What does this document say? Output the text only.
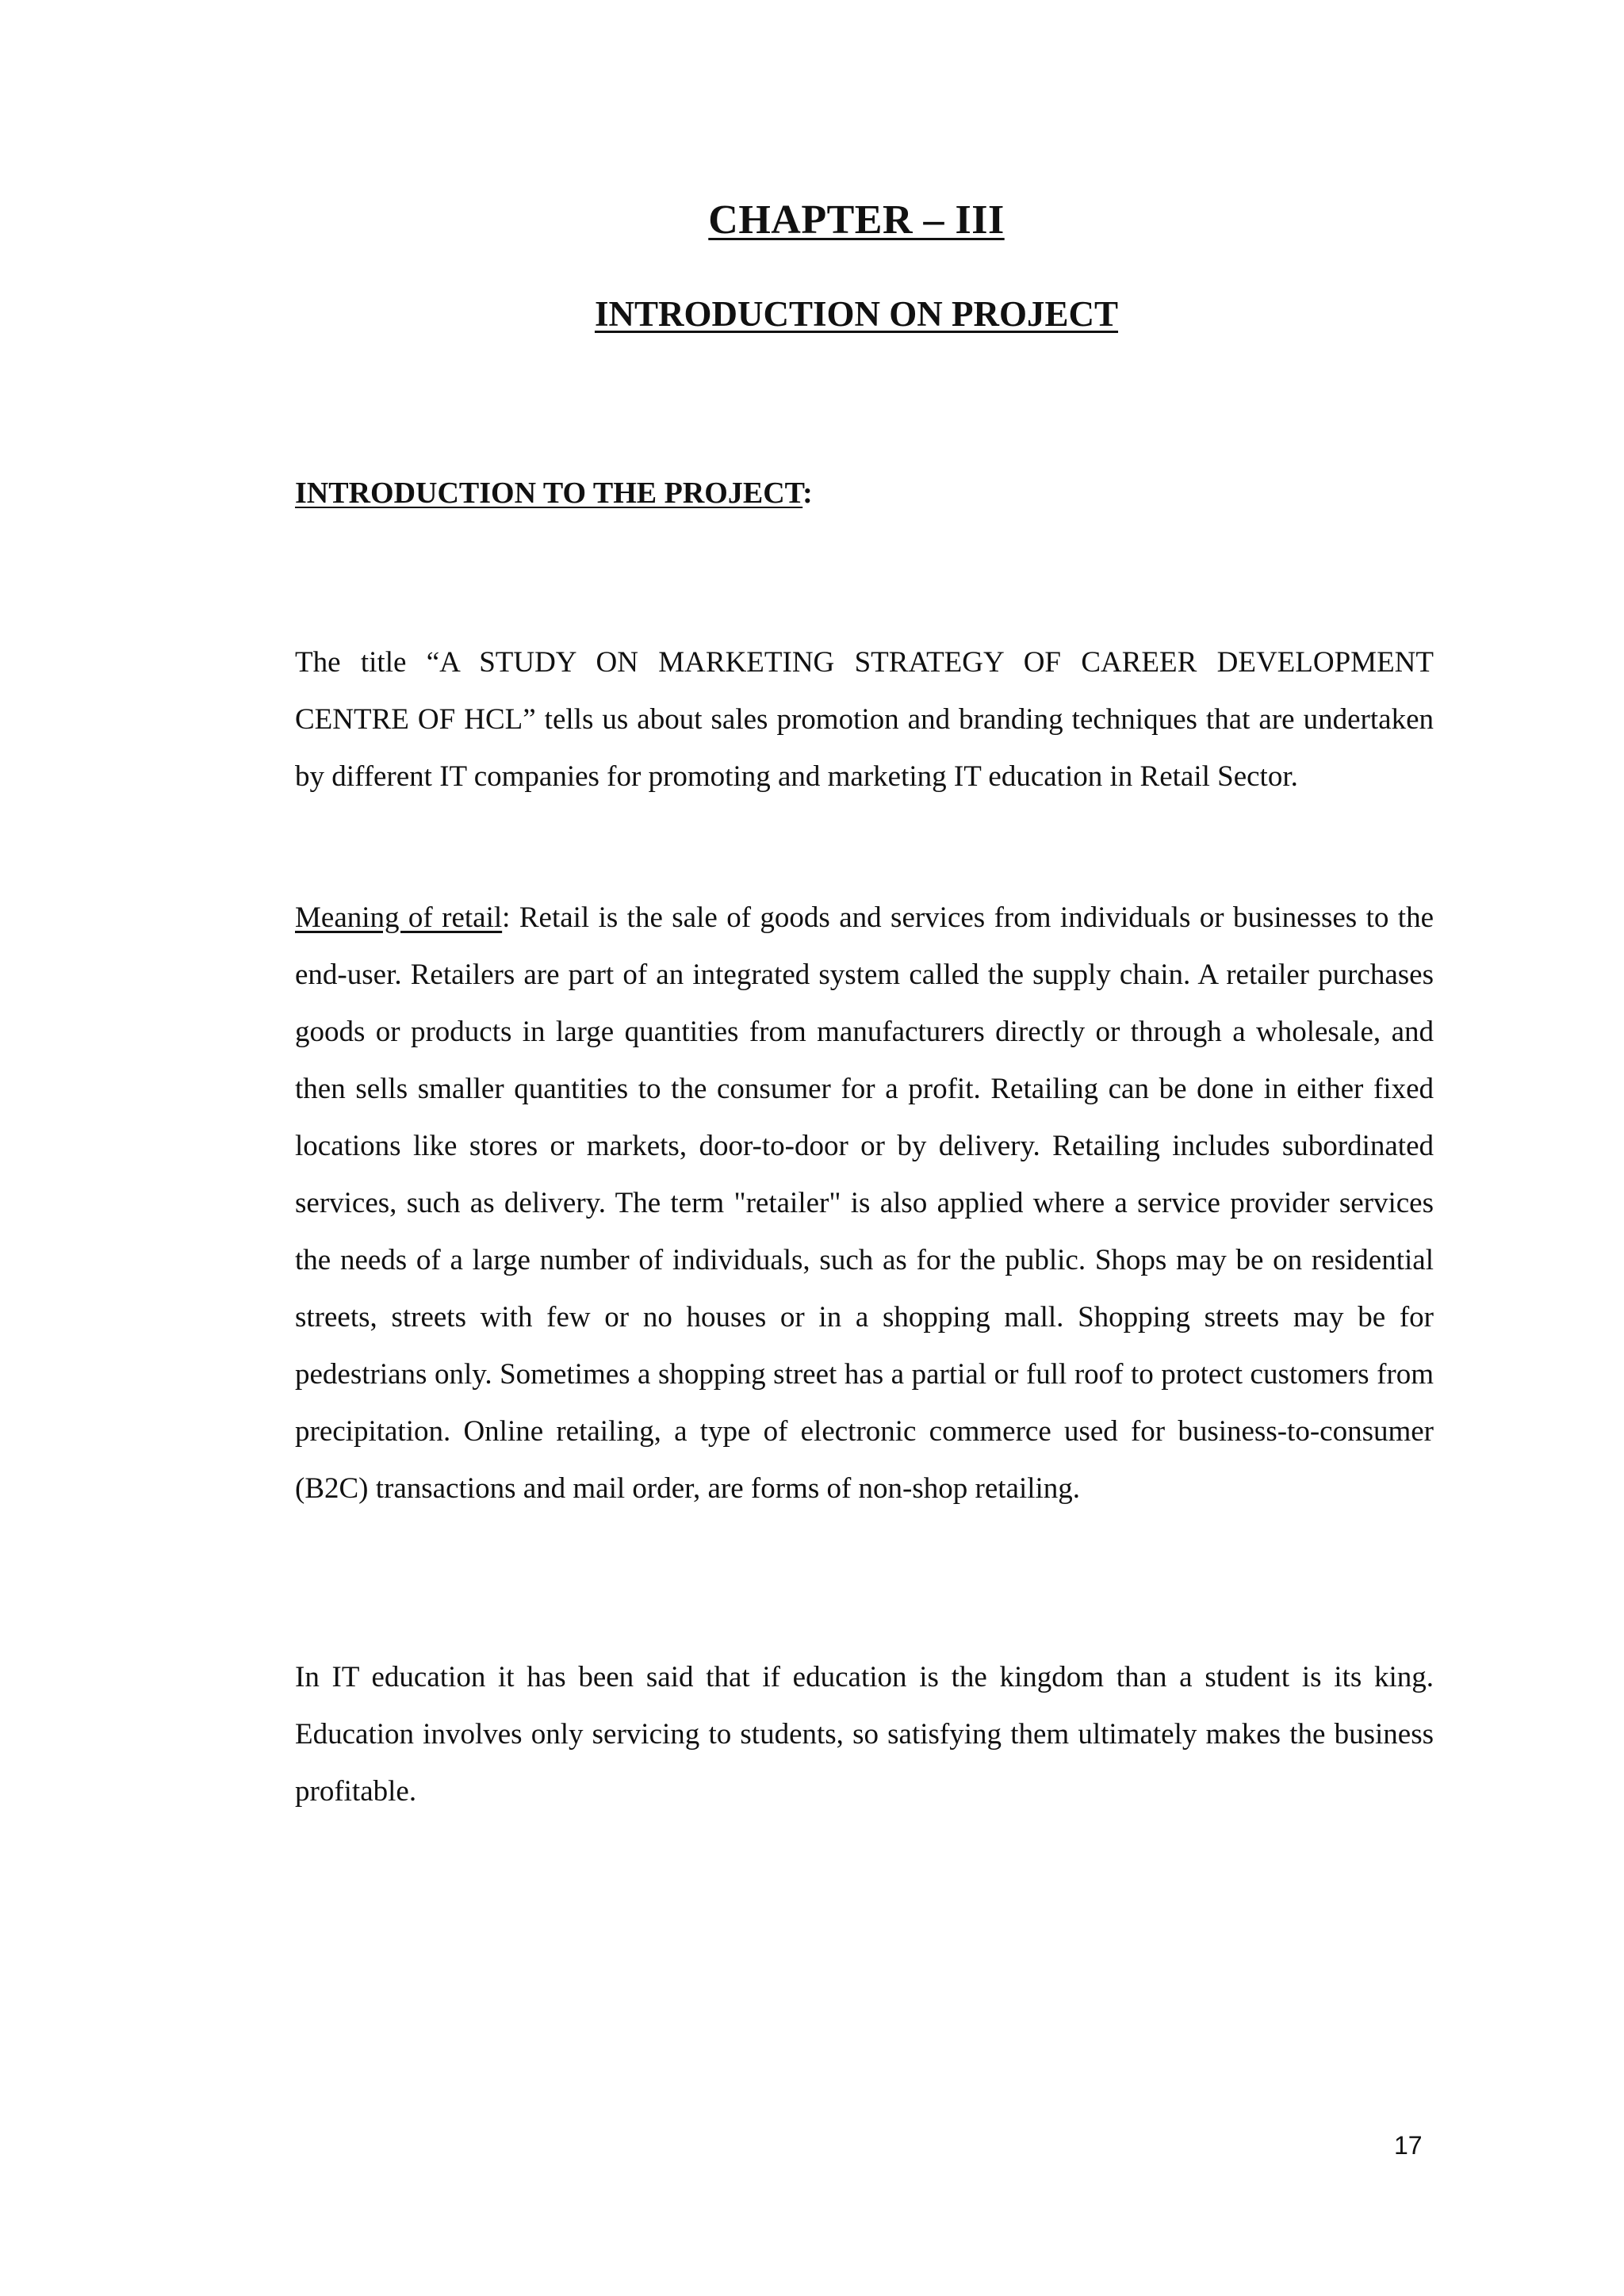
CHAPTER – III
INTRODUCTION ON PROJECT
INTRODUCTION TO THE PROJECT:

The title “A STUDY ON MARKETING STRATEGY OF CAREER DEVELOPMENT CENTRE OF HCL” tells us about sales promotion and branding techniques that are undertaken by different IT companies for promoting and marketing IT education in Retail Sector.

Meaning of retail: Retail is the sale of goods and services from individuals or businesses to the end-user. Retailers are part of an integrated system called the supply chain. A retailer purchases goods or products in large quantities from manufacturers directly or through a wholesale, and then sells smaller quantities to the consumer for a profit. Retailing can be done in either fixed locations like stores or markets, door-to-door or by delivery. Retailing includes subordinated services, such as delivery. The term "retailer" is also applied where a service provider services the needs of a large number of individuals, such as for the public. Shops may be on residential streets, streets with few or no houses or in a shopping mall. Shopping streets may be for pedestrians only. Sometimes a shopping street has a partial or full roof to protect customers from precipitation. Online retailing, a type of electronic commerce used for business-to-consumer (B2C) transactions and mail order, are forms of non-shop retailing.

In IT education it has been said that if education is the kingdom than a student is its king. Education involves only servicing to students, so satisfying them ultimately makes the business profitable.

17
